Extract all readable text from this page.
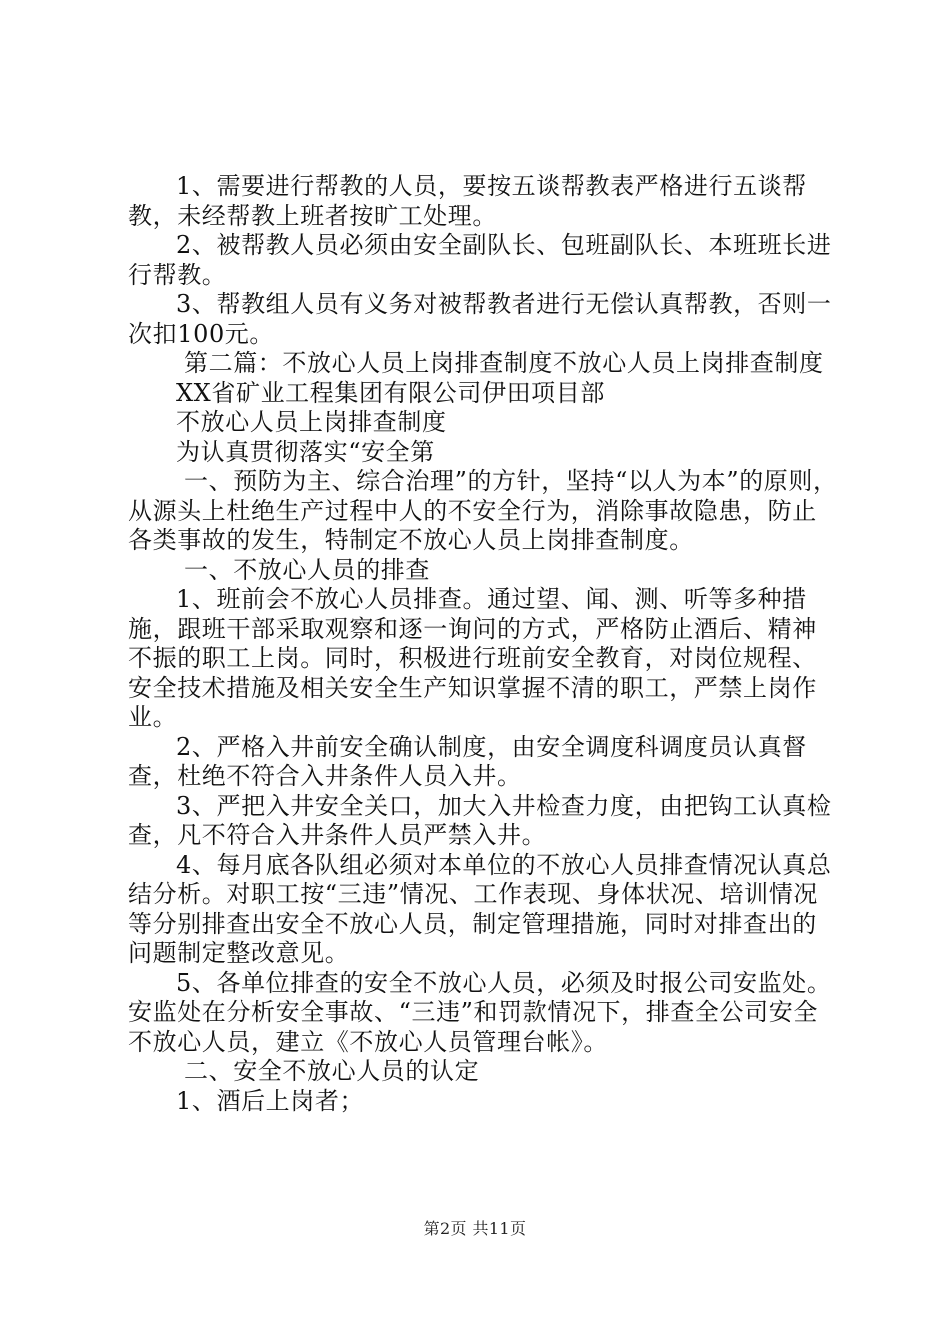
1、需要进行帮教的人员，要按五谈帮教表严格进行五谈帮教，未经帮教上班者按旷工处理。

2、被帮教人员必须由安全副队长、包班副队长、本班班长进行帮教。

3、帮教组人员有义务对被帮教者进行无偿认真帮教，否则一次扣100元。

第二篇：不放心人员上岗排查制度不放心人员上岗排查制度

XX省矿业工程集团有限公司伊田项目部

不放心人员上岗排查制度

为认真贯彻落实“安全第

一、预防为主、综合治理”的方针，坚持“以人为本”的原则，从源头上杜绝生产过程中人的不安全行为，消除事故隐患，防止各类事故的发生，特制定不放心人员上岗排查制度。

一、不放心人员的排查

1、班前会不放心人员排查。通过望、闻、测、听等多种措施，跟班干部采取观察和逐一询问的方式，严格防止酒后、精神不振的职工上岗。同时，积极进行班前安全教育，对岗位规程、安全技术措施及相关安全生产知识掌握不清的职工，严禁上岗作业。

2、严格入井前安全确认制度，由安全调度科调度员认真督查，杜绝不符合入井条件人员入井。

3、严把入井安全关口，加大入井检查力度，由把钩工认真检查，凡不符合入井条件人员严禁入井。

4、每月底各队组必须对本单位的不放心人员排查情况认真总结分析。对职工按“三违”情况、工作表现、身体状况、培训情况等分别排查出安全不放心人员，制定管理措施，同时对排查出的问题制定整改意见。

5、各单位排查的安全不放心人员，必须及时报公司安监处。安监处在分析安全事故、“三违”和罚款情况下，排查全公司安全不放心人员，建立《不放心人员管理台帐》。

二、安全不放心人员的认定

1、酒后上岗者；

第2页 共11页
